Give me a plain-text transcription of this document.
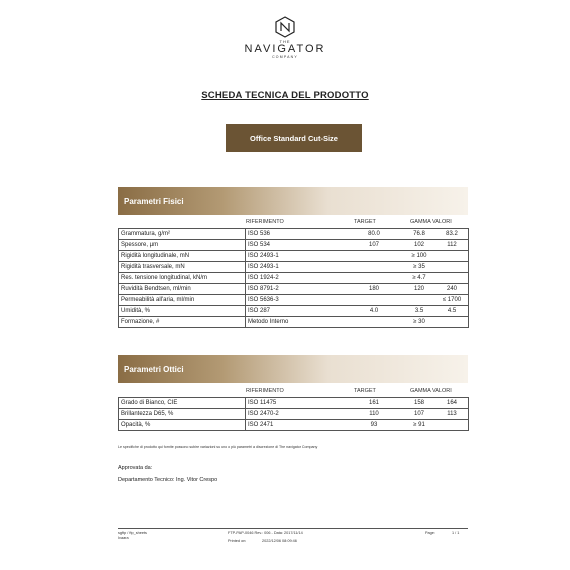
THE
NAVIGATOR
COMPANY
SCHEDA TECNICA DEL PRODOTTO
Office Standard Cut-Size
Parametri Fisici
RIFERIMENTO	TARGET	GAMMA VALORI
Grammatura, g/m²	ISO 536	80.0	76.8	83.2
Spessore, µm	ISO 534	107	102	112
Rigidità longitudinale, mN	ISO 2493-1		≥ 100	
Rigidità trasversale, mN	ISO 2493-1		≥ 35	
Res. tensione longitudinal, kN/m	ISO 1924-2		≥ 4.7	
Ruvidità Bendtsen, ml/min	ISO 8791-2	180	120	240
Permeabilità all'aria, ml/min	ISO 5636-3			≤ 1700
Umidità, %	ISO 287	4.0	3.5	4.5
Formazione, #	Metodo Interno		≥ 30	
Parametri Ottici
RIFERIMENTO	TARGET	GAMMA VALORI
Grado di Bianco, CIE	ISO 11475	161	158	164
Brillantezza D65, %	ISO 2470-2	110	107	113
Opacità, %	ISO 2471	93	≥ 91	
Le specifiche di prodotto qui fornite possono subire variazioni su uno o più parametri a discrezione di The navigator Company
Approvata da:
Departamento Tecnico: Ing. Vitor Crespo
sgftp / ftp_sheets
Ivaara
FTP-PAP-0046 Rev.: 006 - Data: 2017/11/14
Printed on:	2022/12/06 08:09:46
Page:	1 / 1
